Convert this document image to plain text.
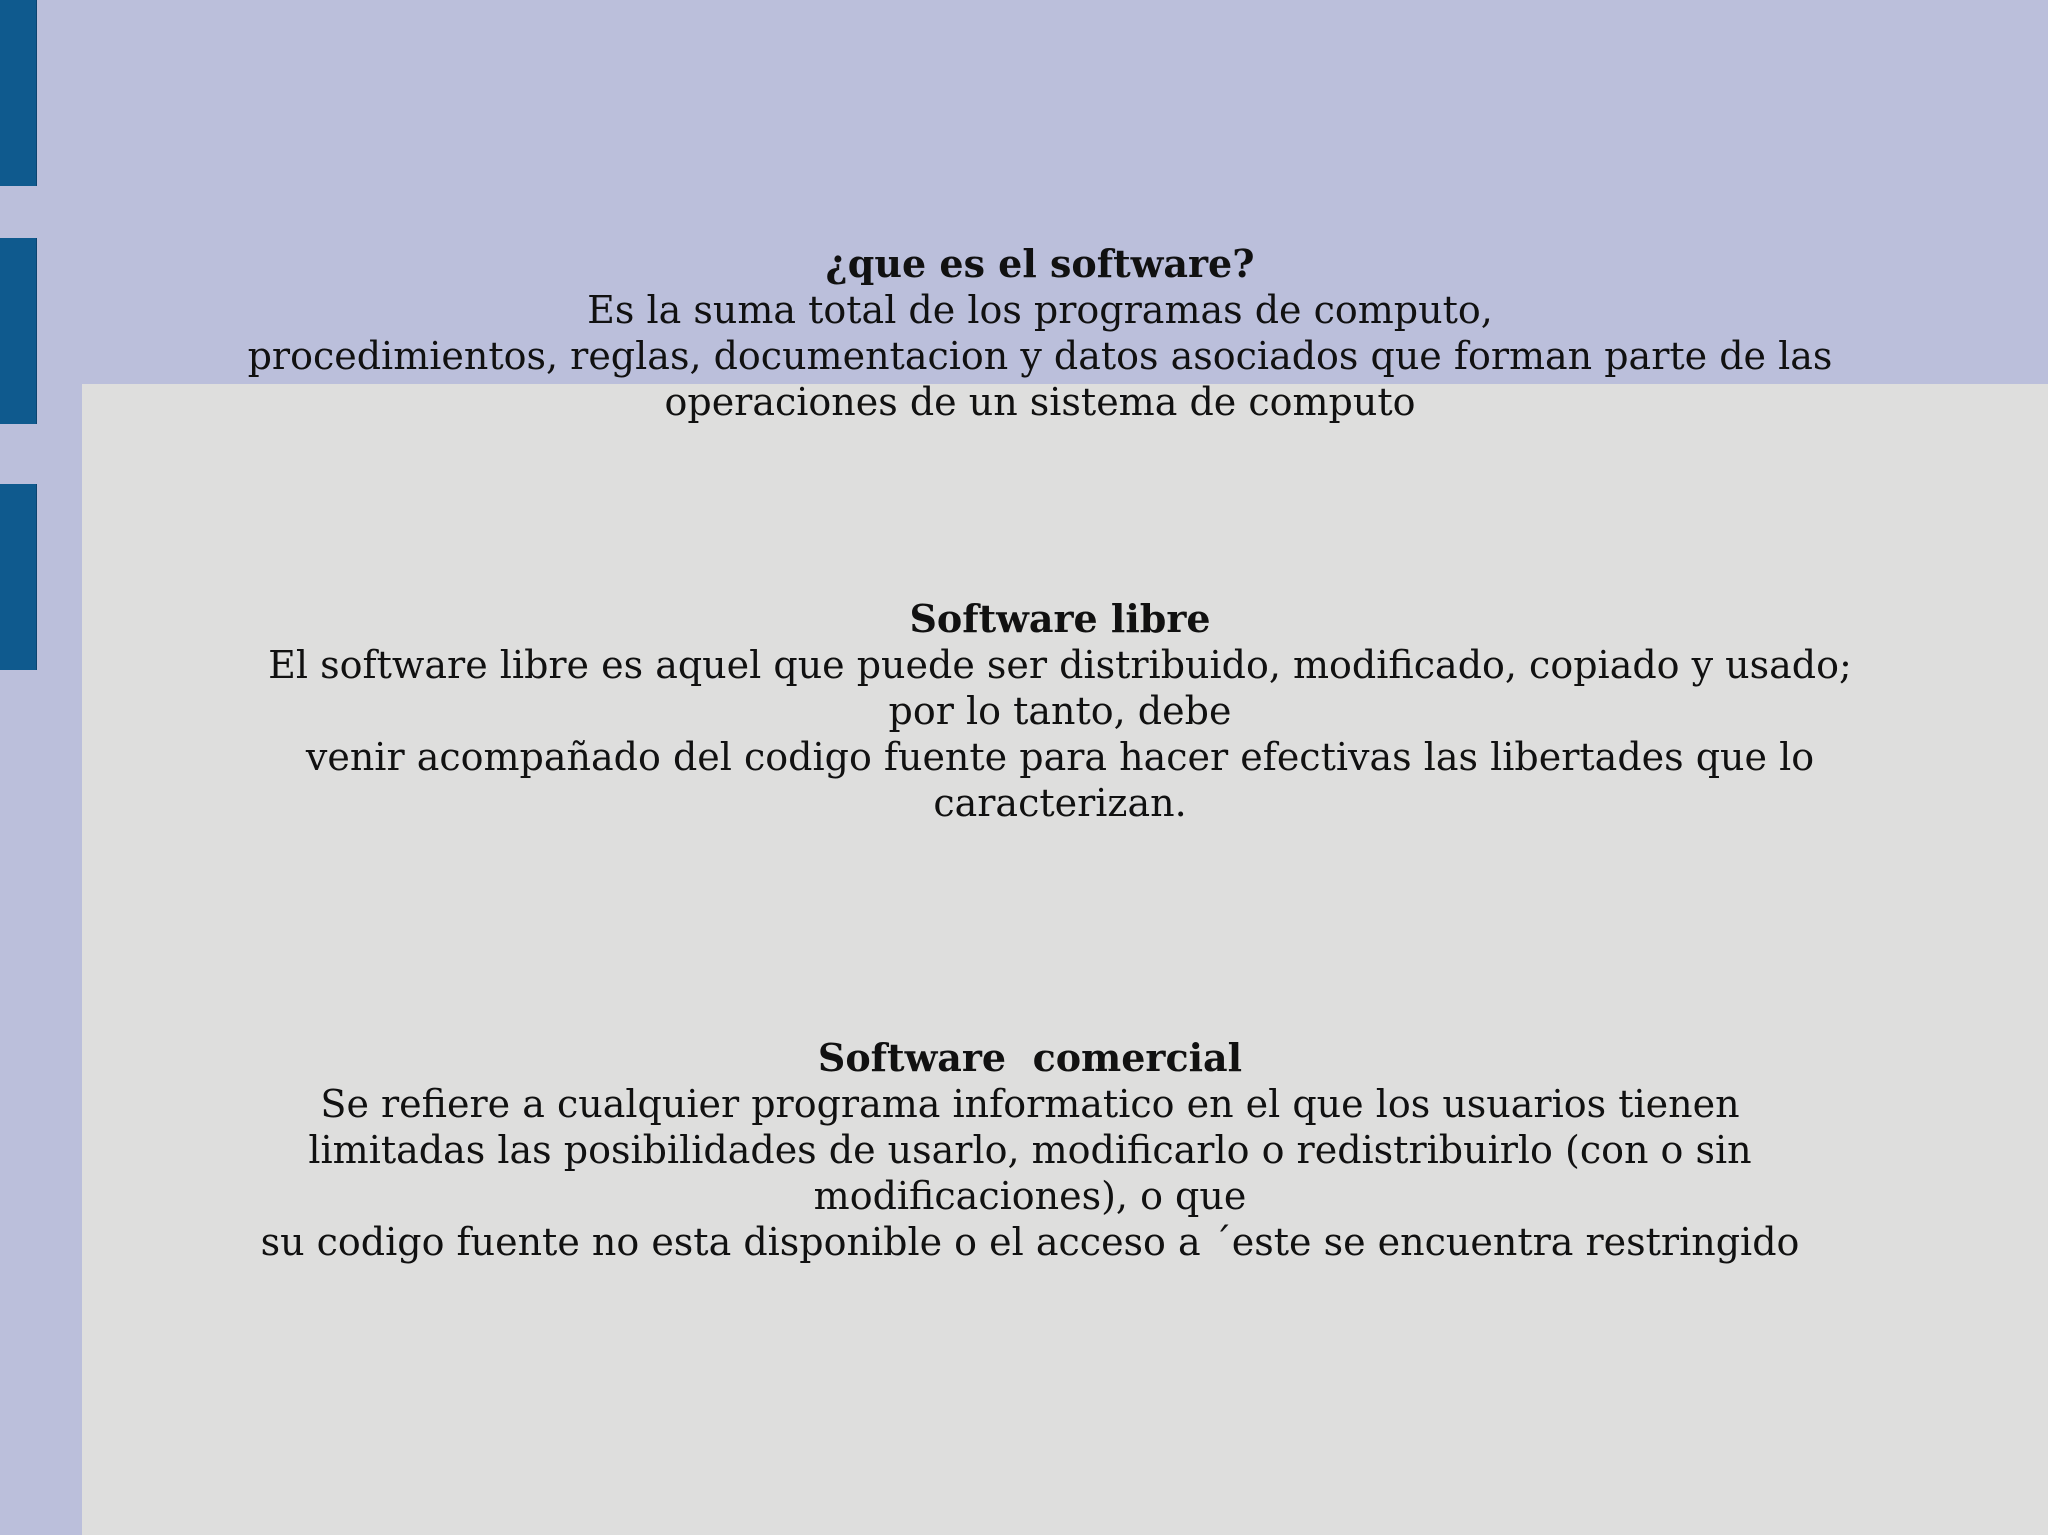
¿que es el software?
Es la suma total de los programas de computo,
procedimientos, reglas, documentacion y datos asociados que forman parte de las
operaciones de un sistema de computo
Software libre
El software libre es aquel que puede ser distribuido, modificado, copiado y usado;
por lo tanto, debe
venir acompañado del codigo fuente para hacer efectivas las libertades que lo
caracterizan.
Software  comercial
Se refiere a cualquier programa informatico en el que los usuarios tienen
limitadas las posibilidades de usarlo, modificarlo o redistribuirlo (con o sin
modificaciones), o que
su codigo fuente no esta disponible o el acceso a ´este se encuentra restringido
